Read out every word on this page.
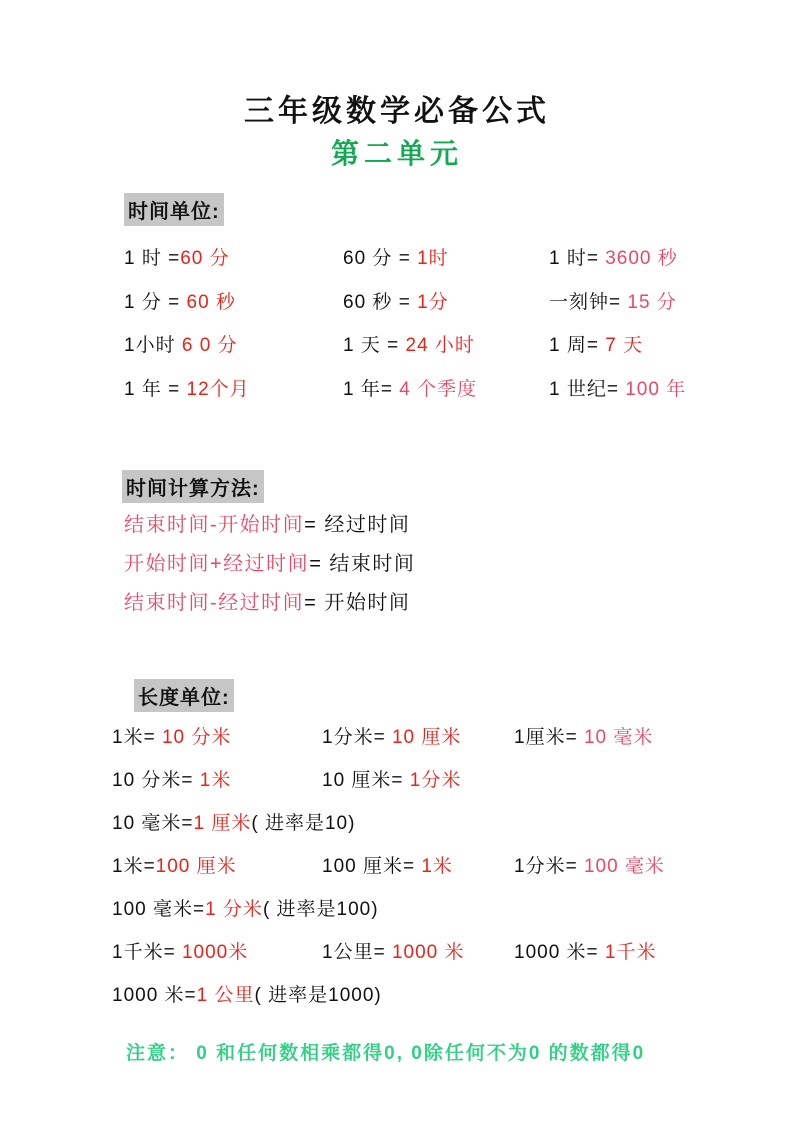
三年级数学必备公式
第二单元
时间单位:
1 时 =60 分	60 分 = 1时	1 时= 3600 秒
1 分 = 60 秒	60 秒 = 1分	一刻钟= 15 分
1小时 6 0 分	1 天 = 24 小时	1 周= 7 天
1 年 = 12个月	1 年= 4 个季度	1 世纪= 100 年
时间计算方法:
结束时间-开始时间= 经过时间
开始时间+经过时间= 结束时间
结束时间-经过时间= 开始时间
长度单位:
1米= 10 分米	1分米= 10 厘米	1厘米= 10 毫米
10 分米= 1米	10 厘米= 1分米
10 毫米=1 厘米( 进率是10)
1米=100 厘米	100 厘米= 1米	1分米= 100 毫米
100 毫米=1 分米( 进率是100)
1千米= 1000米	1公里= 1000 米	1000 米= 1千米
1000 米=1 公里( 进率是1000)
注意： 0 和任何数相乘都得0, 0除任何不为0 的数都得0
